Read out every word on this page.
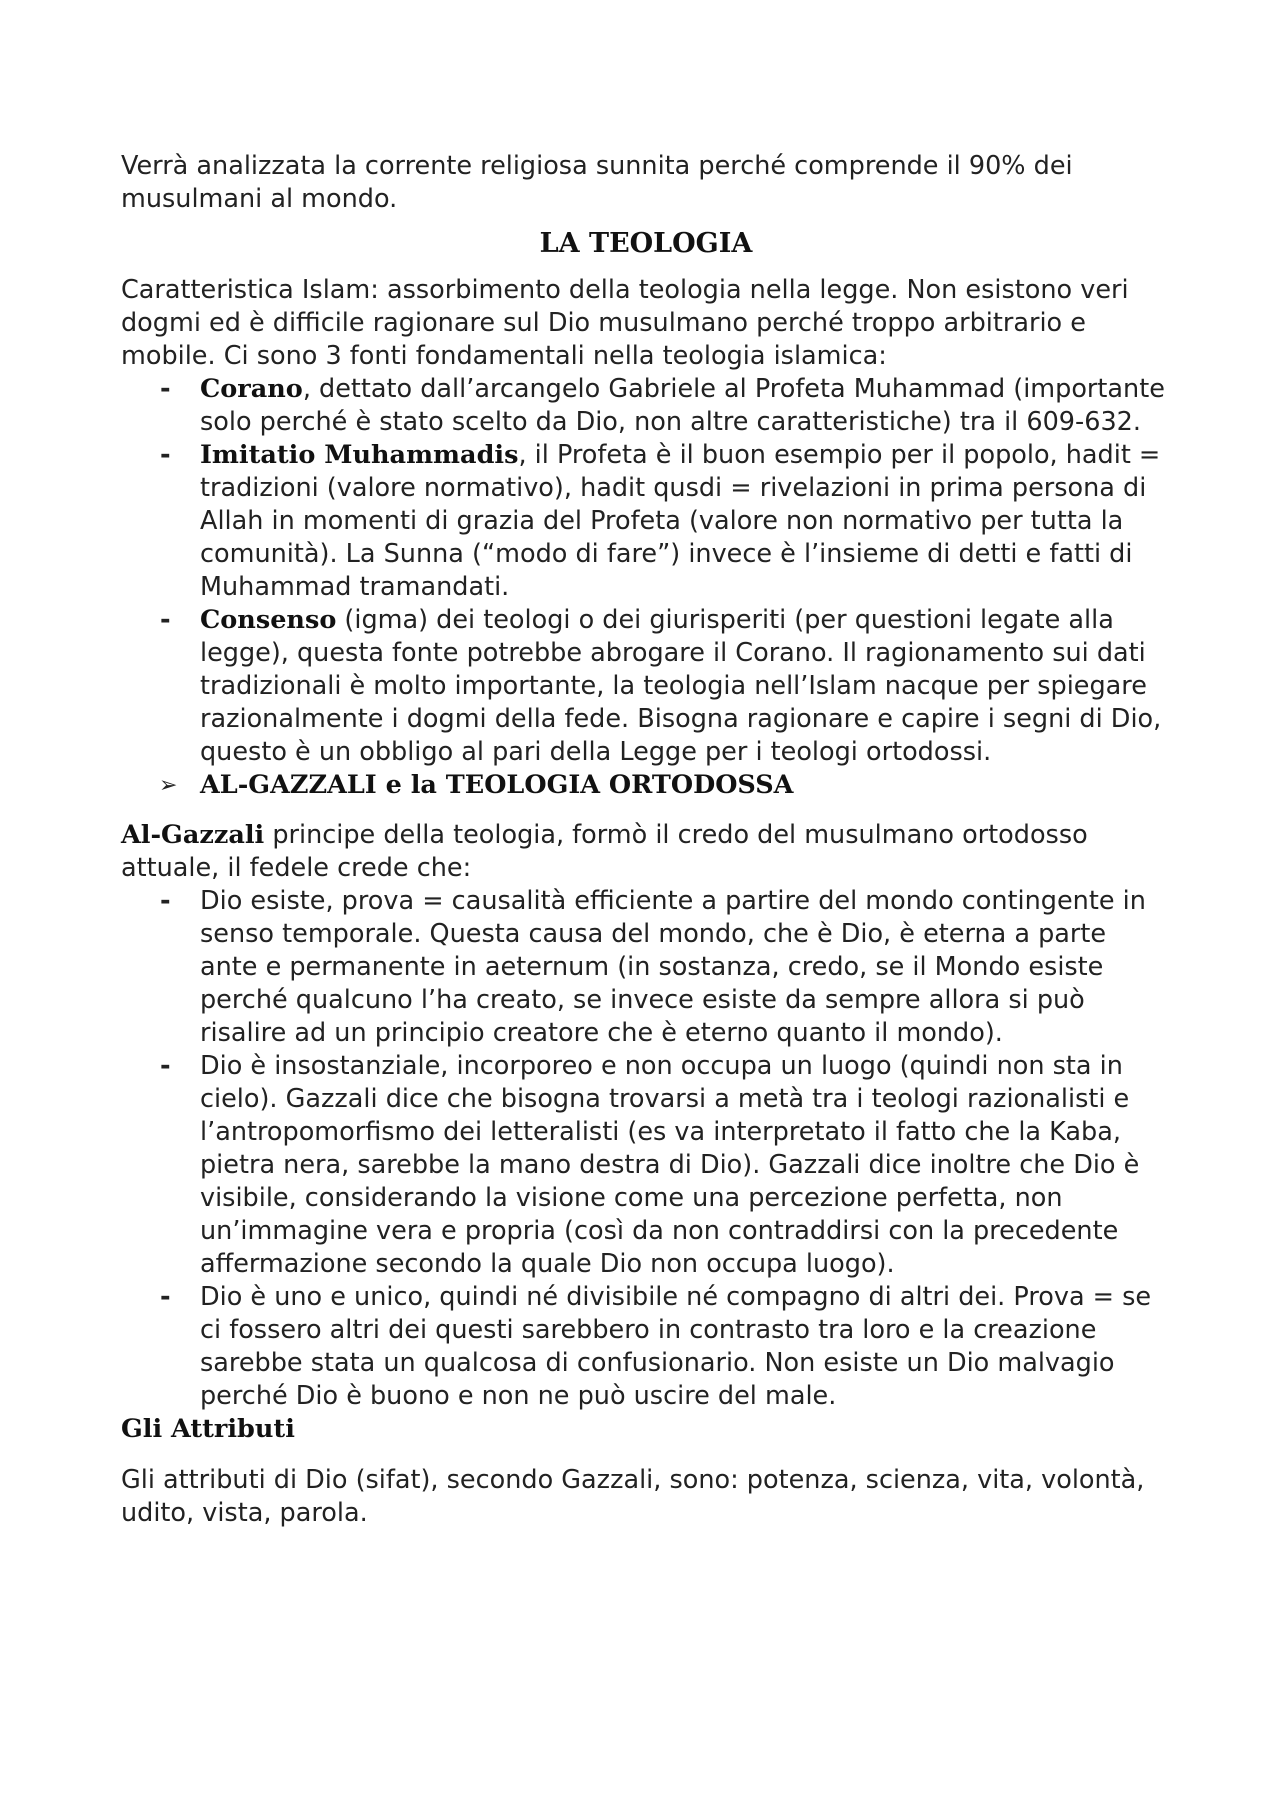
Verrà analizzata la corrente religiosa sunnita perché comprende il 90% dei musulmani al mondo.

LA TEOLOGIA

Caratteristica Islam: assorbimento della teologia nella legge. Non esistono veri dogmi ed è difficile ragionare sul Dio musulmano perché troppo arbitrario e mobile. Ci sono 3 fonti fondamentali nella teologia islamica:

- Corano, dettato dall’arcangelo Gabriele al Profeta Muhammad (importante solo perché è stato scelto da Dio, non altre caratteristiche) tra il 609-632.
- Imitatio Muhammadis, il Profeta è il buon esempio per il popolo, hadit = tradizioni (valore normativo), hadit qusdi = rivelazioni in prima persona di Allah in momenti di grazia del Profeta (valore non normativo per tutta la comunità). La Sunna (“modo di fare”) invece è l’insieme di detti e fatti di Muhammad tramandati.
- Consenso (igma) dei teologi o dei giurisperiti (per questioni legate alla legge), questa fonte potrebbe abrogare il Corano. Il ragionamento sui dati tradizionali è molto importante, la teologia nell’Islam nacque per spiegare razionalmente i dogmi della fede. Bisogna ragionare e capire i segni di Dio, questo è un obbligo al pari della Legge per i teologi ortodossi.

➢ AL-GAZZALI e la TEOLOGIA ORTODOSSA

Al-Gazzali principe della teologia, formò il credo del musulmano ortodosso attuale, il fedele crede che:

- Dio esiste, prova = causalità efficiente a partire del mondo contingente in senso temporale. Questa causa del mondo, che è Dio, è eterna a parte ante e permanente in aeternum (in sostanza, credo, se il Mondo esiste perché qualcuno l’ha creato, se invece esiste da sempre allora si può risalire ad un principio creatore che è eterno quanto il mondo).
- Dio è insostanziale, incorporeo e non occupa un luogo (quindi non sta in cielo). Gazzali dice che bisogna trovarsi a metà tra i teologi razionalisti e l’antropomorfismo dei letteralisti (es va interpretato il fatto che la Kaba, pietra nera, sarebbe la mano destra di Dio). Gazzali dice inoltre che Dio è visibile, considerando la visione come una percezione perfetta, non un’immagine vera e propria (così da non contraddirsi con la precedente affermazione secondo la quale Dio non occupa luogo).
- Dio è uno e unico, quindi né divisibile né compagno di altri dei. Prova = se ci fossero altri dei questi sarebbero in contrasto tra loro e la creazione sarebbe stata un qualcosa di confusionario. Non esiste un Dio malvagio perché Dio è buono e non ne può uscire del male.

Gli Attributi

Gli attributi di Dio (sifat), secondo Gazzali, sono: potenza, scienza, vita, volontà, udito, vista, parola.
